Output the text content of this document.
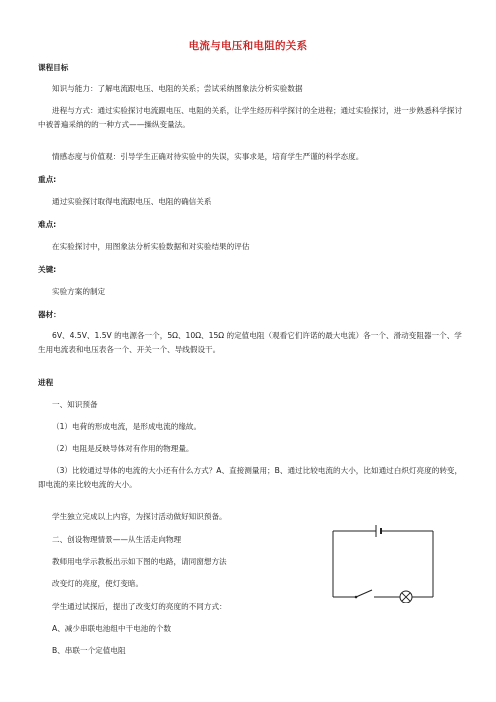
电流与电压和电阻的关系
课程目标
知识与能力：了解电流跟电压、电阻的关系；尝试采纳图象法分析实验数据
进程与方式：通过实验探讨电流跟电压、电阻的关系，让学生经历科学探讨的全进程；通过实验探讨，进一步熟悉科学探讨中被普遍采纳的的一种方式——操纵变量法。
情感态度与价值观：引导学生正确对待实验中的失误，实事求是，培育学生严谨的科学态度。
重点:
通过实验探讨取得电流跟电压、电阻的确信关系
难点:
在实验探讨中，用图象法分析实验数据和对实验结果的评估
关键:
实验方案的制定
器材：
6V、4.5V、1.5V 的电源各一个，5Ω、10Ω、15Ω 的定值电阻（观看它们许诺的最大电流）各一个、滑动变阻器一个、学生用电流表和电压表各一个、开关一个、导线假设干。
进程
一、知识预备
（1）电荷的形成电流，是形成电流的缘故。
（2）电阻是反映导体对有作用的物理量。
（3）比较通过导体的电流的大小还有什么方式？A、直接测量用；B、通过比较电流的大小，比如通过白炽灯亮度的转变，即电流的来比较电流的大小。
学生独立完成以上内容，为探讨活动做好知识预备。
二、创设物理情景——从生活走向物理
教师用电学示教板出示如下图的电路，请同窗想方法
改变灯的亮度，使灯变暗。
学生通过试探后，提出了改变灯的亮度的不同方式：
A、减少串联电池组中干电池的个数
B、串联一个定值电阻
